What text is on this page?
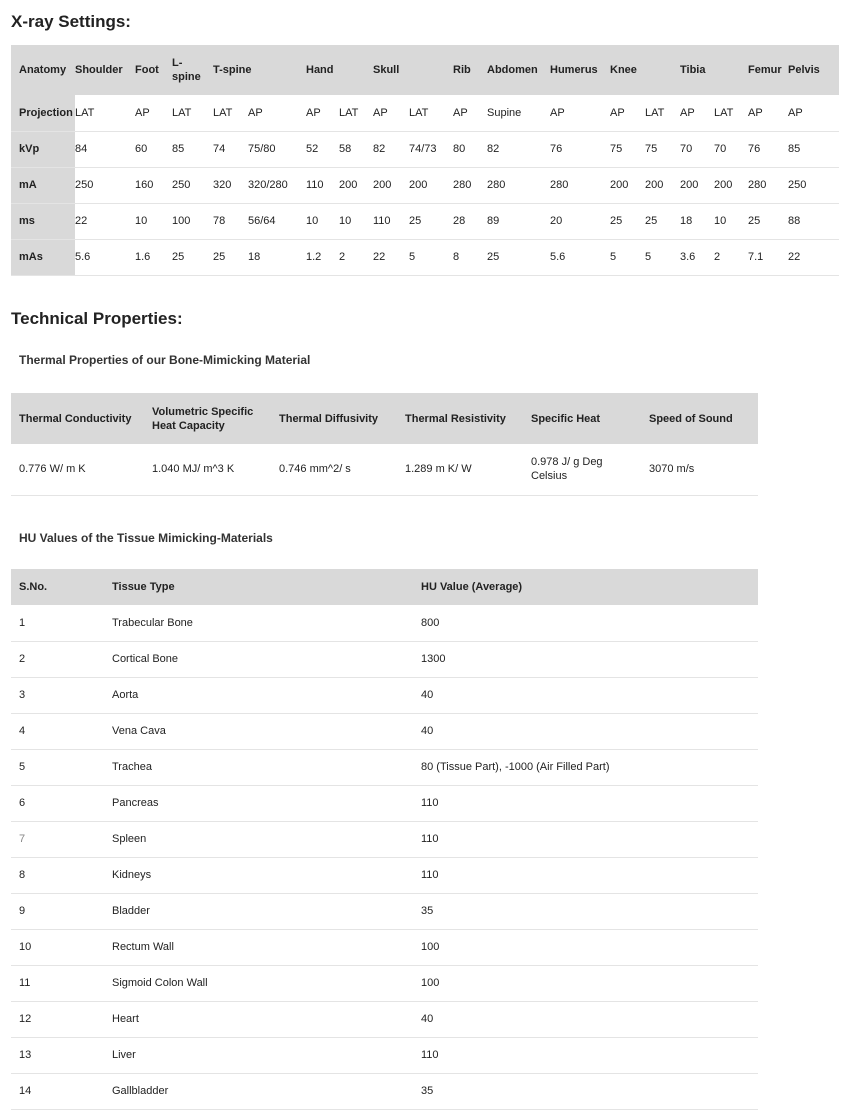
X-ray Settings:
Anatomy	Shoulder	Foot	L-
spine	T-spine		Hand		Skull		Rib	Abdomen	Humerus	Knee		Tibia		Femur	Pelvis
Projection	LAT	AP	LAT	LAT	AP	AP	LAT	AP	LAT	AP	Supine	AP	AP	LAT	AP	LAT	AP	AP
kVp	84	60	85	74	75/80	52	58	82	74/73	80	82	76	75	75	70	70	76	85
mA	250	160	250	320	320/280	110	200	200	200	280	280	280	200	200	200	200	280	250
ms	22	10	100	78	56/64	10	10	110	25	28	89	20	25	25	18	10	25	88
mAs	5.6	1.6	25	25	18	1.2	2	22	5	8	25	5.6	5	5	3.6	2	7.1	22
Technical Properties:
Thermal Properties of our Bone-Mimicking Material
Thermal Conductivity	Volumetric Specific Heat Capacity	Thermal Diffusivity	Thermal Resistivity	Specific Heat	Speed of Sound
0.776 W/ m K	1.040 MJ/ m^3 K	0.746 mm^2/ s	1.289 m K/ W	0.978 J/ g Deg Celsius	3070 m/s
HU Values of the Tissue Mimicking-Materials
S.No.	Tissue Type	HU Value (Average)
1	Trabecular Bone	800
2	Cortical Bone	1300
3	Aorta	40
4	Vena Cava	40
5	Trachea	80 (Tissue Part), -1000 (Air Filled Part)
6	Pancreas	110
7	Spleen	110
8	Kidneys	110
9	Bladder	35
10	Rectum Wall	100
11	Sigmoid Colon Wall	100
12	Heart	40
13	Liver	110
14	Gallbladder	35
